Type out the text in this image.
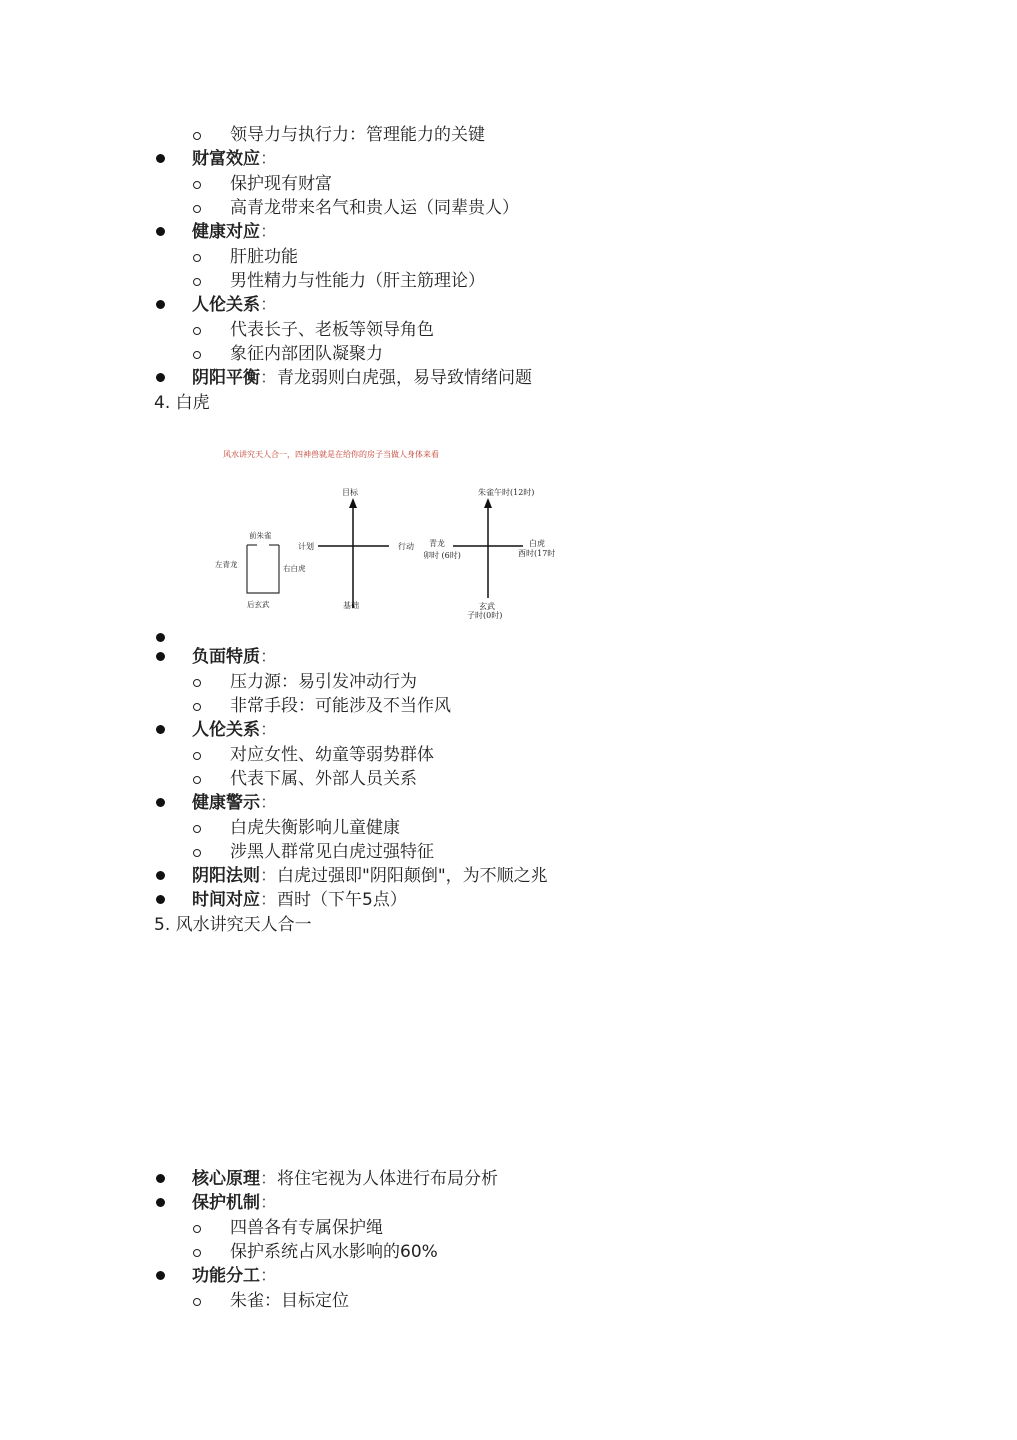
领导力与执行力：管理能力的关键
财富效应：
保护现有财富
高青龙带来名气和贵人运（同辈贵人）
健康对应：
肝脏功能
男性精力与性能力（肝主筋理论）
人伦关系：
代表长子、老板等领导角色
象征内部团队凝聚力
阴阳平衡：青龙弱则白虎强，易导致情绪问题
4. 白虎
风水讲究天人合一，四神兽就是在给你的房子当做人身体来看
前朱雀
左青龙	右白虎
后玄武
目标
计划	行动
基础
朱雀午时(12时)
青龙
卯时 (6时)
白虎
酉时(17时
玄武
子时(0时)
负面特质：
压力源：易引发冲动行为
非常手段：可能涉及不当作风
人伦关系：
对应女性、幼童等弱势群体
代表下属、外部人员关系
健康警示：
白虎失衡影响儿童健康
涉黑人群常见白虎过强特征
阴阳法则：白虎过强即"阴阳颠倒"，为不顺之兆
时间对应：酉时（下午5点）
5. 风水讲究天人合一
核心原理：将住宅视为人体进行布局分析
保护机制：
四兽各有专属保护绳
保护系统占风水影响的60%
功能分工：
朱雀：目标定位
